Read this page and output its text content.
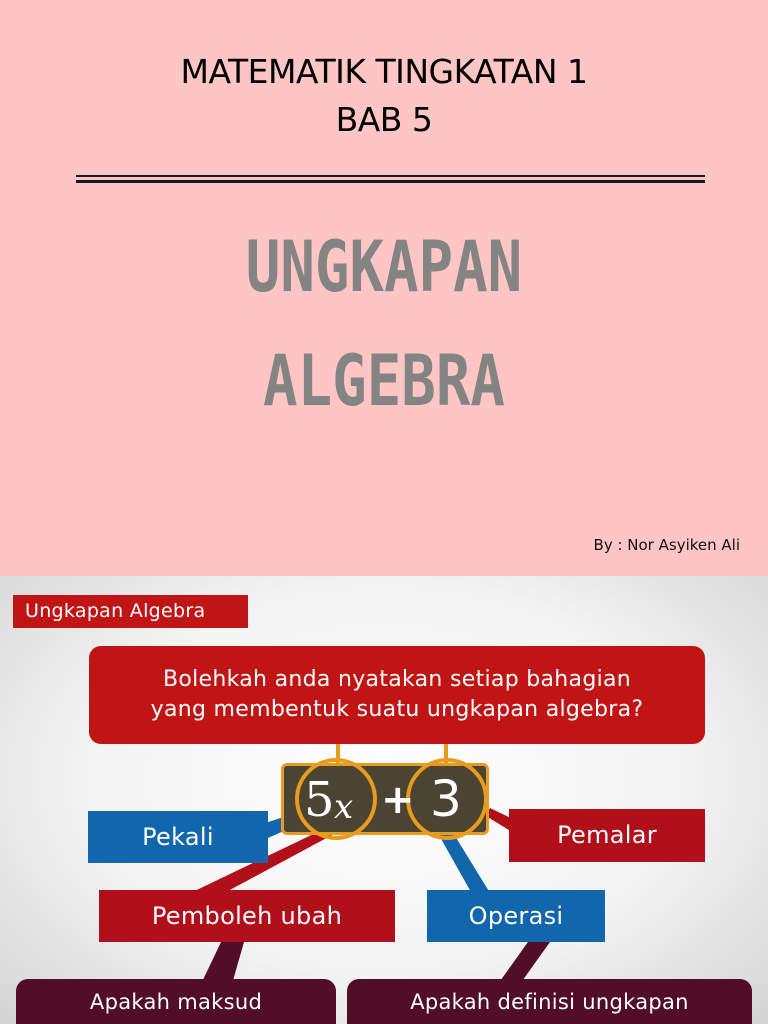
MATEMATIK TINGKATAN 1
BAB 5
UNGKAPAN
ALGEBRA
By : Nor Asyiken Ali
Ungkapan Algebra
Bolehkah anda nyatakan setiap bahagian
yang membentuk suatu ungkapan algebra?
5 x + 3
Pekali	Pemalar
Pemboleh ubah	Operasi
Apakah maksud	Apakah definisi ungkapan
